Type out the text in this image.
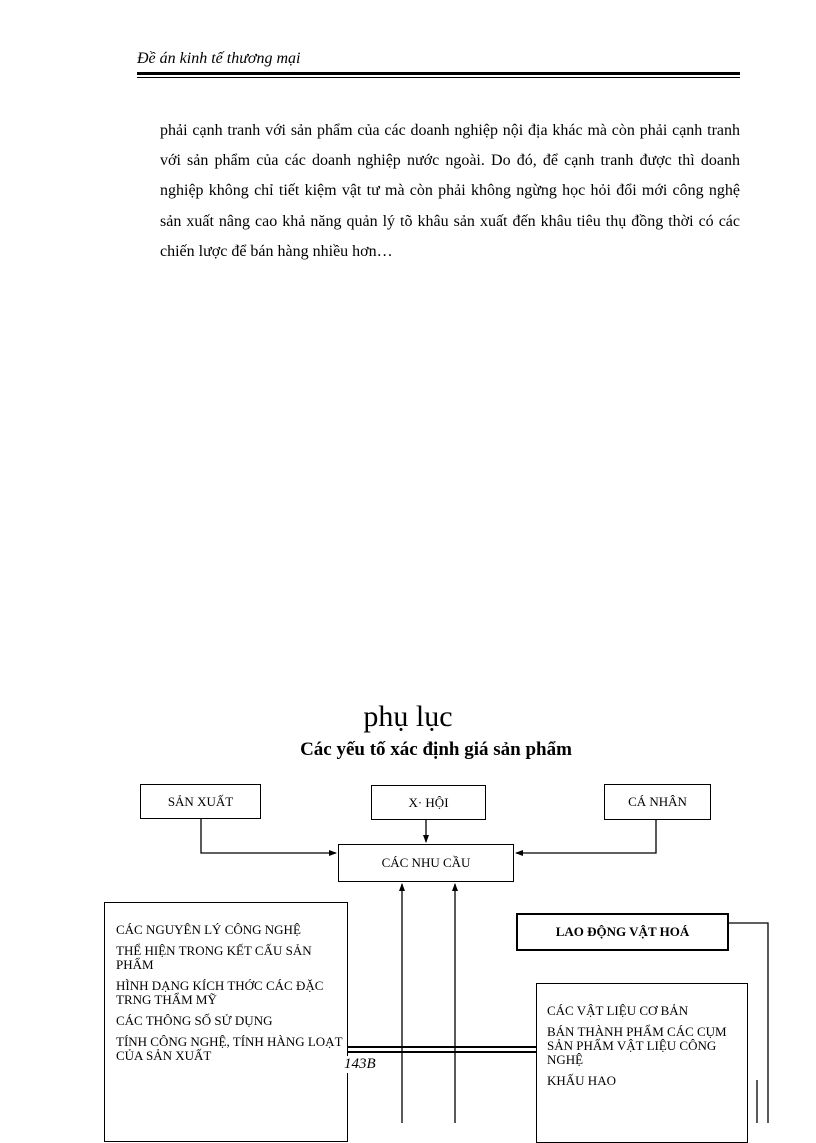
Đề án kinh tế thương mại
phải cạnh tranh với sản phẩm của các doanh nghiệp nội địa khác mà còn phải cạnh tranh với sản phẩm của các doanh nghiệp nước ngoài. Do đó, để cạnh tranh được thì doanh nghiệp không chỉ tiết kiệm vật tư mà còn phải không ngừng học hỏi đổi mới công nghệ sản xuất nâng cao khả năng quản lý tõ khâu sản xuất đến khâu tiêu thụ đồng thời có các chiến lược để bán hàng nhiều hơn…
phụ lục
Các yếu tố xác định giá sản phẩm
SẢN XUẤT	X· HỘI	CÁ NHÂN
CÁC NHU CẦU
LAO ĐỘNG VẬT HOÁ
CÁC NGUYÊN LÝ CÔNG NGHỆ
THỂ HIỆN TRONG KẾT CẤU SẢN PHẨM
HÌNH DẠNG KÍCH THỚC CÁC ĐẶC TRNG THẨM MỸ
CÁC THÔNG SỐ SỬ DỤNG
TÍNH CÔNG NGHỆ, TÍNH HÀNG LOẠT CỦA SẢN XUẤT
CÁC VẬT LIỆU CƠ BẢN
BÁN THÀNH PHẨM CÁC CỤM SẢN PHẨM VẬT LIỆU CÔNG NGHỆ
KHẤU HAO
143B
